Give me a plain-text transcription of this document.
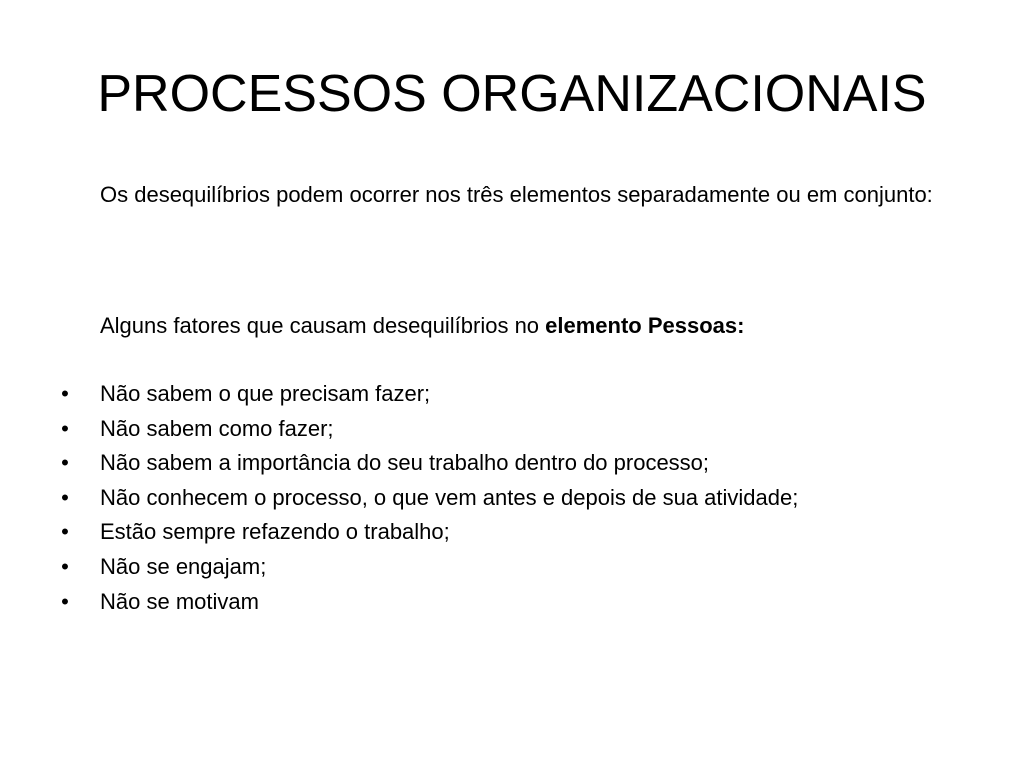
PROCESSOS ORGANIZACIONAIS

Os desequilíbrios podem ocorrer nos três elementos separadamente ou em conjunto:

Alguns fatores que causam desequilíbrios no elemento Pessoas:

• Não sabem o que precisam fazer;
• Não sabem como fazer;
• Não sabem a importância do seu trabalho dentro do processo;
• Não conhecem o processo, o que vem antes e depois de sua atividade;
• Estão sempre refazendo o trabalho;
• Não se engajam;
• Não se motivam
